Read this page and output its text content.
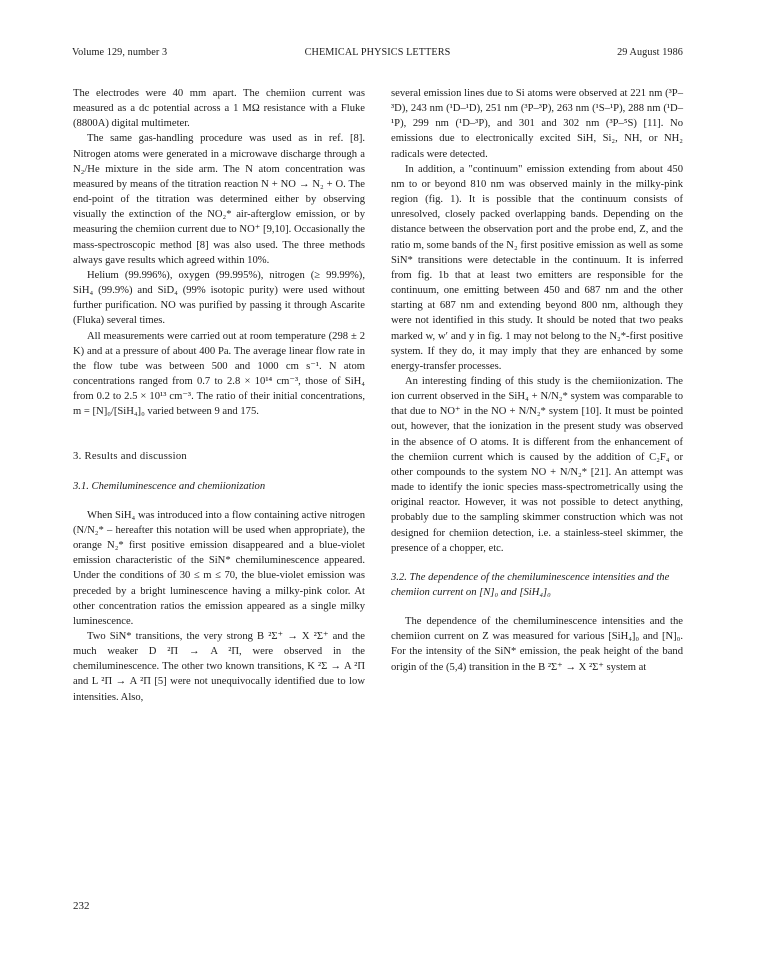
Volume 129, number 3	CHEMICAL PHYSICS LETTERS	29 August 1986

The electrodes were 40 mm apart. The chemiion current was measured as a dc potential across a 1 MΩ resistance with a Fluke (8800A) digital multimeter.

The same gas-handling procedure was used as in ref. [8]. Nitrogen atoms were generated in a microwave discharge through a N₂/He mixture in the side arm. The N atom concentration was measured by means of the titration reaction N + NO → N₂ + O. The end-point of the titration was determined either by observing visually the extinction of the NO₂* air-afterglow emission, or by measuring the chemiion current due to NO⁺ [9,10]. Occasionally the mass-spectroscopic method [8] was also used. The three methods always gave results which agreed within 10%.

Helium (99.996%), oxygen (99.995%), nitrogen (≥ 99.99%), SiH₄ (99.9%) and SiD₄ (99% isotopic purity) were used without further purification. NO was purified by passing it through Ascarite (Fluka) several times.

All measurements were carried out at room temperature (298 ± 2 K) and at a pressure of about 400 Pa. The average linear flow rate in the flow tube was between 500 and 1000 cm s⁻¹. N atom concentrations ranged from 0.7 to 2.8 × 10¹⁴ cm⁻³, those of SiH₄ from 0.2 to 2.5 × 10¹³ cm⁻³. The ratio of their initial concentrations, m = [N]₀/[SiH₄]₀ varied between 9 and 175.

3. Results and discussion

3.1. Chemiluminescence and chemiionization

When SiH₄ was introduced into a flow containing active nitrogen (N/N₂* – hereafter this notation will be used when appropriate), the orange N₂* first positive emission disappeared and a blue-violet emission characteristic of the SiN* chemiluminescence appeared. Under the conditions of 30 ≤ m ≤ 70, the blue-violet emission was preceded by a bright luminescence having a milky-pink color. At other concentration ratios the emission appeared as a single milky luminescence.

Two SiN* transitions, the very strong B ²Σ⁺ → X ²Σ⁺ and the much weaker D ²Π → A ²Π, were observed in the chemiluminescence. The other two known transitions, K ²Σ → A ²Π and L ²Π → A ²Π [5] were not unequivocally identified due to low intensities. Also,

several emission lines due to Si atoms were observed at 221 nm (³P–³D), 243 nm (¹D–¹D), 251 nm (³P–³P), 263 nm (¹S–¹P), 288 nm (¹D–¹P), 299 nm (¹D–³P), and 301 and 302 nm (³P–⁵S) [11]. No emissions due to electronically excited SiH, Si₂, NH, or NH₂ radicals were detected.

In addition, a "continuum" emission extending from about 450 nm to or beyond 810 nm was observed mainly in the milky-pink region (fig. 1). It is possible that the continuum consists of unresolved, closely packed overlapping bands. Depending on the distance between the observation port and the probe end, Z, and the ratio m, some bands of the N₂ first positive emission as well as some SiN* transitions were detectable in the continuum. It is inferred from fig. 1b that at least two emitters are responsible for the continuum, one emitting between 450 and 687 nm and the other starting at 687 nm and extending beyond 800 nm, although they were not identified in this study. It should be noted that two peaks marked w, w′ and y in fig. 1 may not belong to the N₂*-first positive system. If they do, it may imply that they are enhanced by some energy-transfer processes.

An interesting finding of this study is the chemiionization. The ion current observed in the SiH₄ + N/N₂* system was comparable to that due to NO⁺ in the NO + N/N₂* system [10]. It must be pointed out, however, that the ionization in the present study was observed in the absence of O atoms. It is different from the enhancement of the chemiion current which is caused by the addition of C₂F₄ or other compounds to the system NO + N/N₂* [21]. An attempt was made to identify the ionic species mass-spectrometrically using the original reactor. However, it was not possible to detect anything, probably due to the sampling skimmer construction which was not designed for chemiion detection, i.e. a stainless-steel skimmer, the presence of a chopper, etc.

3.2. The dependence of the chemiluminescence intensities and the chemiion current on [N]₀ and [SiH₄]₀

The dependence of the chemiluminescence intensities and the chemiion current on Z was measured for various [SiH₄]₀ and [N]₀. For the intensity of the SiN* emission, the peak height of the band origin of the (5,4) transition in the B ²Σ⁺ → X ²Σ⁺ system at

232
